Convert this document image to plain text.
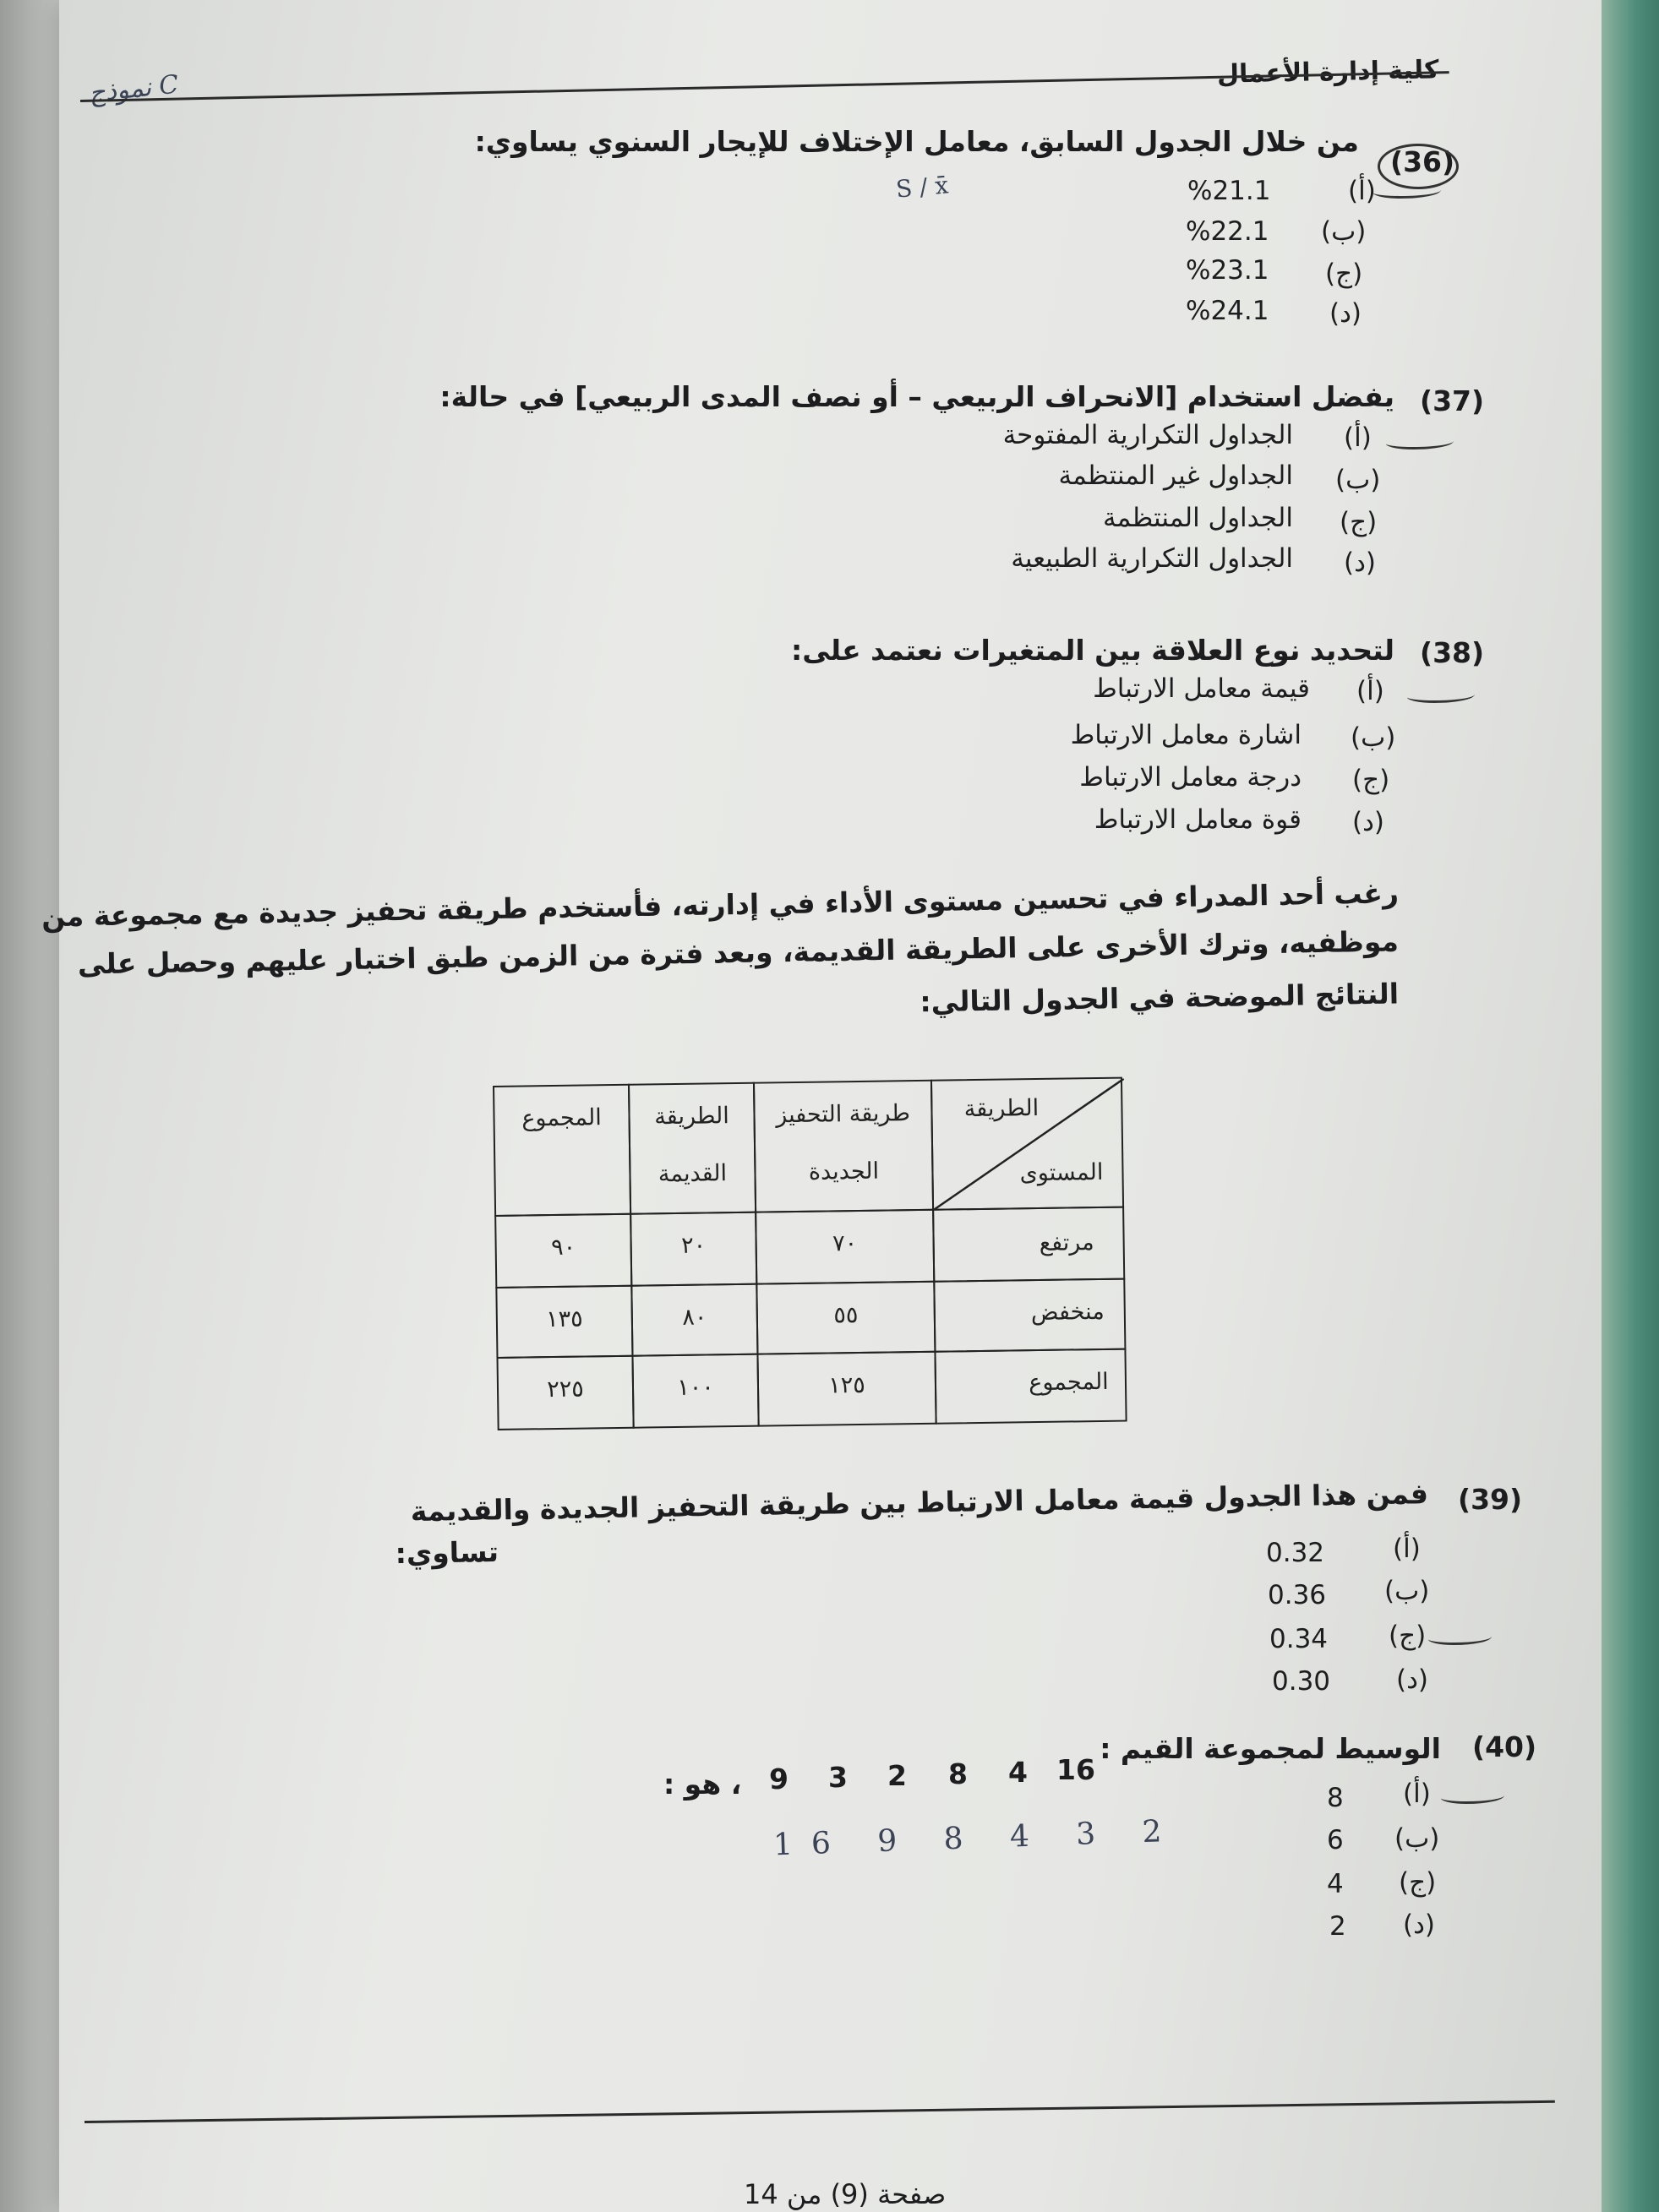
كلية إدارة الأعمال
نموذج C
(36)
من خلال الجدول السابق، معامل الإختلاف للإيجار السنوي يساوي:
S / x̄	(أ)
%21.1
(ب)
%22.1
(ج)
%23.1
(د)
%24.1
(37)
يفضل استخدام [الانحراف الربيعي – أو نصف المدى الربيعي] في حالة:
(أ)
الجداول التكرارية المفتوحة
(ب)
الجداول غير المنتظمة
(ج)
الجداول المنتظمة
(د)
الجداول التكرارية الطبيعية
(38)
لتحديد نوع العلاقة بين المتغيرات نعتمد على:
(أ)
قيمة معامل الارتباط
(ب)
اشارة معامل الارتباط
(ج)
درجة معامل الارتباط
(د)
قوة معامل الارتباط
رغب أحد المدراء في تحسين مستوى الأداء في إدارته، فأستخدم طريقة تحفيز جديدة مع مجموعة من
موظفيه، وترك الأخرى على الطريقة القديمة، وبعد فترة من الزمن طبق اختبار عليهم وحصل على
النتائج الموضحة في الجدول التالي:
الطريقة
المستوى
طريقة التحفيز
الجديدة
الطريقة
القديمة
المجموع
مرتفع
٧٠
٢٠
٩٠
منخفض
٥٥
٨٠
١٣٥
المجموع
١٢٥
١٠٠
٢٢٥
(39)
فمن هذا الجدول قيمة معامل الارتباط بين طريقة التحفيز الجديدة والقديمة
تساوي:	(أ)
0.32
(ب)
0.36
(ج)
0.34
(د)
0.30
(40)
الوسيط لمجموعة القيم :
16
4
8
2
3
9
، هو :
16 9 8 4 3 2
(أ)
8
(ب)
6
(ج)
4
(د)
2
صفحة (9) من 14
